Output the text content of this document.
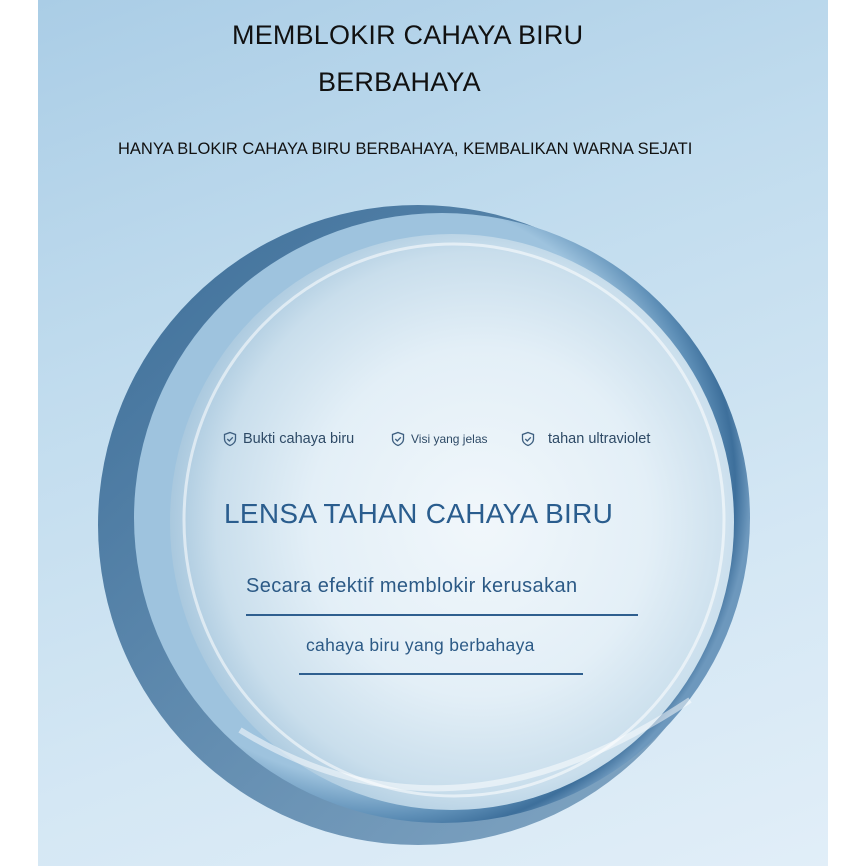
MEMBLOKIR CAHAYA BIRU
BERBAHAYA
HANYA BLOKIR CAHAYA BIRU BERBAHAYA, KEMBALIKAN WARNA SEJATI
Bukti cahaya biru	Visi yang jelas	tahan ultraviolet
LENSA TAHAN CAHAYA BIRU
Secara efektif memblokir kerusakan
cahaya biru yang berbahaya
